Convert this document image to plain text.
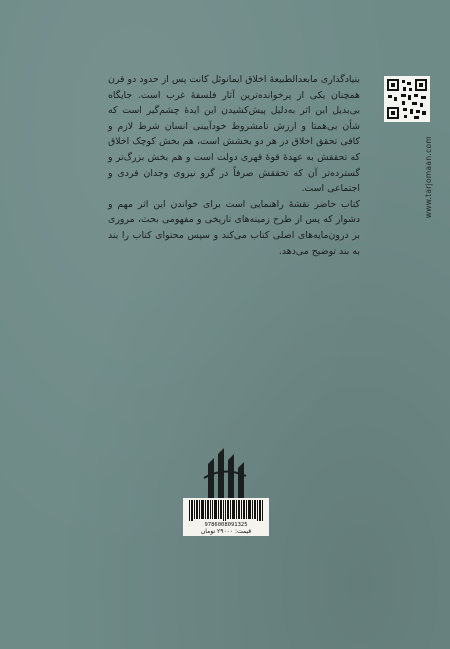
بنیادگذاری مابعدالطبیعهٔ اخلاق ایمانوئل کانت پس از حدود دو قرن همچنان یکی از پرخوانده‌ترین آثار فلسفهٔ غرب است. جایگاه بی‌بدیل این اثر به‌دلیل پیش‌کشیدن این ایدهٔ چشم‌گیر است که شأن بی‌همتا و ارزش نامشروط خودآیینی انسان شرط لازم و کافی تحقق اخلاق در هر دو بخشش است، هم بخش کوچک اخلاق که تحققش به عهدهٔ قوهٔ قهری دولت است و هم بخش بزرگ‌تر و گسترده‌تر آن که تحققش صرفاً در گرو نیروی وجدان فردی و اجتماعی است.

کتاب حاضر نقشهٔ راهنمایی است برای خواندن این اثر مهم و دشوار که پس از طرح زمینه‌های تاریخی و مفهومی بحث، مروری بر درون‌مایه‌های اصلی کتاب می‌کند و سپس محتوای کتاب را بند به بند توضیح می‌دهد.

www.tarjomaan.com
9786008091325
قیمت: ۲۹۰۰۰ تومان
